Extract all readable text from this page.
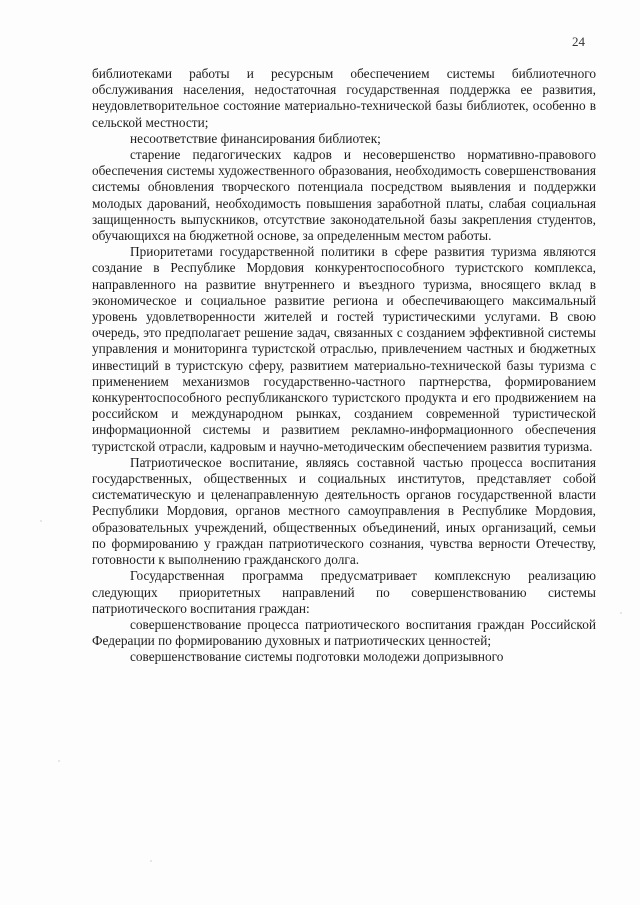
24

библиотеками работы и ресурсным обеспечением системы библиотечного обслуживания населения, недостаточная государственная поддержка ее развития, неудовлетворительное состояние материально-технической базы библиотек, особенно в сельской местности;

несоответствие финансирования библиотек;

старение педагогических кадров и несовершенство нормативно-правового обеспечения системы художественного образования, необходимость совершенствования системы обновления творческого потенциала посредством выявления и поддержки молодых дарований, необходимость повышения заработной платы, слабая социальная защищенность выпускников, отсутствие законодательной базы закрепления студентов, обучающихся на бюджетной основе, за определенным местом работы.

Приоритетами государственной политики в сфере развития туризма являются создание в Республике Мордовия конкурентоспособного туристского комплекса, направленного на развитие внутреннего и въездного туризма, вносящего вклад в экономическое и социальное развитие региона и обеспечивающего максимальный уровень удовлетворенности жителей и гостей туристическими услугами. В свою очередь, это предполагает решение задач, связанных с созданием эффективной системы управления и мониторинга туристской отраслью, привлечением частных и бюджетных инвестиций в туристскую сферу, развитием материально-технической базы туризма с применением механизмов государственно-частного партнерства, формированием конкурентоспособного республиканского туристского продукта и его продвижением на российском и международном рынках, созданием современной туристической информационной системы и развитием рекламно-информационного обеспечения туристской отрасли, кадровым и научно-методическим обеспечением развития туризма.

Патриотическое воспитание, являясь составной частью процесса воспитания государственных, общественных и социальных институтов, представляет собой систематическую и целенаправленную деятельность органов государственной власти Республики Мордовия, органов местного самоуправления в Республике Мордовия, образовательных учреждений, общественных объединений, иных организаций, семьи по формированию у граждан патриотического сознания, чувства верности Отечеству, готовности к выполнению гражданского долга.

Государственная программа предусматривает комплексную реализацию следующих приоритетных направлений по совершенствованию системы патриотического воспитания граждан:

совершенствование процесса патриотического воспитания граждан Российской Федерации по формированию духовных и патриотических ценностей;

совершенствование системы подготовки молодежи допризывного
